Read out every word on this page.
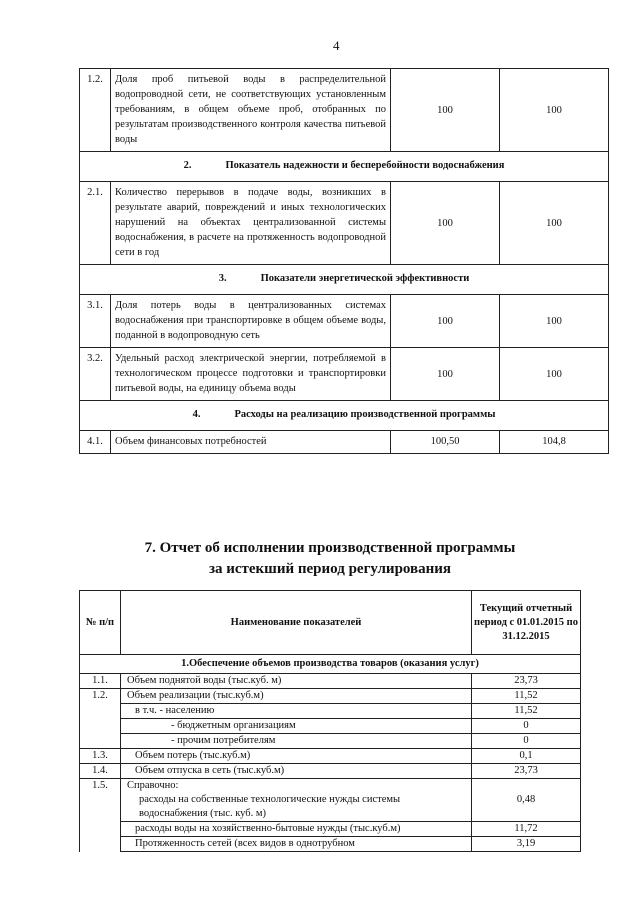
4
1.2.	Доля проб питьевой воды в распределительной водопроводной сети, не соответствующих установленным требованиям, в общем объеме проб, отобранных по результатам производственного контроля качества питьевой воды	100	100
2. Показатель надежности и бесперебойности водоснабжения			
2.1.	Количество перерывов в подаче воды, возникших в результате аварий, повреждений и иных технологических нарушений на объектах централизованной системы водоснабжения, в расчете на протяженность водопроводной сети в год	100	100
3. Показатели энергетической эффективности			
3.1.	Доля потерь воды в централизованных системах водоснабжения при транспортировке в общем объеме воды, поданной в водопроводную сеть	100	100
3.2.	Удельный расход электрической энергии, потребляемой в технологическом процессе подготовки и транспортировки питьевой воды, на единицу объема воды	100	100
4. Расходы на реализацию производственной программы			
4.1.	Объем финансовых потребностей	100,50	104,8
7. Отчет об исполнении производственной программы
за истекший период регулирования
№ п/п	Наименование показателей	Текущий отчетный период с 01.01.2015 по 31.12.2015
1.Обеспечение объемов производства товаров (оказания услуг)		
1.1.	Объем поднятой воды (тыс.куб. м)	23,73
1.2.	Объем реализации (тыс.куб.м)	11,52
	в т.ч. - населению	11,52
	- бюджетным организациям	0
	- прочим потребителям	0
1.3.	Объем потерь (тыс.куб.м)	0,1
1.4.	Объем отпуска в сеть (тыс.куб.м)	23,73
1.5.	Справочно:
расходы на собственные технологические нужды системы водоснабжения (тыс. куб. м)	0,48
	расходы воды на хозяйственно-бытовые нужды (тыс.куб.м)	11,72
	Протяженность сетей (всех видов в однотрубном	3,19
